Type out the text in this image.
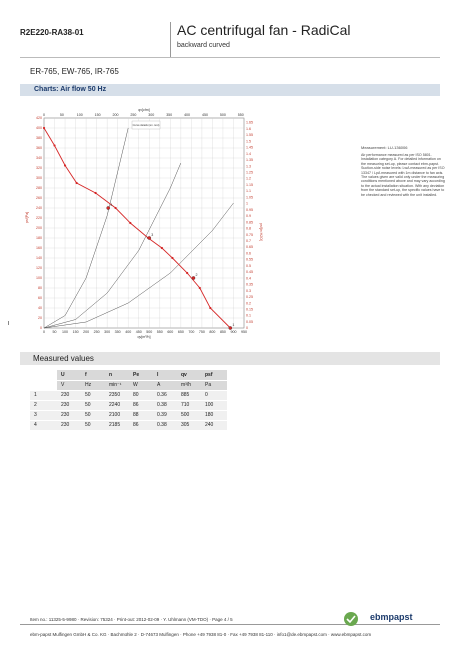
R2E220-RA38-01	AC centrifugal fan - RadiCal
backward curved
ER-765, EW-765, IR-765
Charts: Air flow 50 Hz
0 50 100 150 200 250 300 350 400 450 500 550 600 650 700 750 800 850 900 950
0
20
40
60
80
100
120
140
160
180
200
220
240
260
280
300
320
340
360
380
400
420
0	50	100	150	200	250	300	350	400	450	500	550
0
0.05
0.1
0.15
0.2
0.25
0.3
0.35
0.4
0.45
0.5
0.55
0.6
0.65
0.7
0.75
0.8
0.85
0.9
0.95
1
1.05
1.1
1.15
1.2
1.25
1.3
1.35
1.4
1.45
1.5
1.55
1.6
1.65
qv[cfm]
qv[m³/h]
psf[Pa]
psf[in H2O]
Curve details (sm. text)
1
2
3
4
Measurement: LU-136006
Air performance measured as per ISO 5801. Installation category A. For detailed information on the measuring set-up, please contact ebm-papst. Suction-side noise levels: LwA measured as per ISO 13347 / LpA measured with 1m distance to fan axis. The values given are valid only under the measuring conditions mentioned above and may vary according to the actual installation situation. With any deviation from the standard set-up, the specific values have to be checked and reviewed with the unit installed.
Measured values
	U	f	n	Pe	I	qv	psf
	V	Hz	min⁻¹	W	A	m³/h	Pa
1	230	50	2350	80	0.36	885	0
2	230	50	2240	86	0.38	710	100
3	230	50	2100	88	0.39	500	180
4	230	50	2185	86	0.38	305	240
Item no.: 11325-5-9980 · Revision: 75324 · Print-out: 2012-02-09 · Y. Uhlmann (VM-TDO) · Page 4 / 5
ebm-papst Mulfingen GmbH & Co. KG · Bachmühle 2 · D-74673 Mulfingen · Phone +49 7938 81-0 · Fax +49 7938 81-110 · info1@de.ebmpapst.com · www.ebmpapst.com
ebmpapst
